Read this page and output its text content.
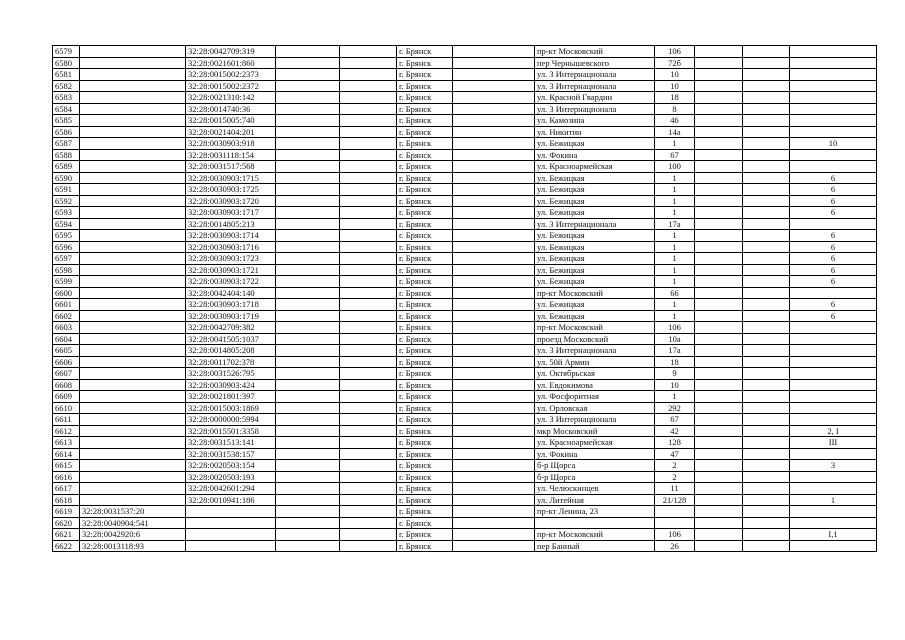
6579		32:28:0042709:319			г. Брянск		пр-кт Московский	106			
6580		32:28:0021601:860			г. Брянск		пер Чернышевского	72б			
6581		32:28:0015002:2373			г. Брянск		ул. 3 Интернационала	10			
6582		32:28:0015002:2372			г. Брянск		ул. 3 Интернационала	10			
6583		32:28:0021310:142			г. Брянск		ул. Красной Гвардии	18			
6584		32:28:0014740:36			г. Брянск		ул. 3 Интернационала	8			
6585		32:28:0015005:740			г. Брянск		ул. Камозина	46			
6586		32:28:0021404:201			г. Брянск		ул. Никитин	14а			
6587		32:28:0030903:918			г. Брянск		ул. Бежицкая	1			10
6588		32:28:0031118:154			г. Брянск		ул. Фокина	67			
6589		32:28:0031517:568			г. Брянск		ул. Красноармейская	100			
6590		32:28:0030903:1715			г. Брянск		ул. Бежицкая	1			6
6591		32:28:0030903:1725			г. Брянск		ул. Бежицкая	1			6
6592		32:28:0030903:1720			г. Брянск		ул. Бежицкая	1			6
6593		32:28:0030903:1717			г. Брянск		ул. Бежицкая	1			6
6594		32:28:0014805:213			г. Брянск		ул. 3 Интернационала	17а			
6595		32:28:0030903:1714			г. Брянск		ул. Бежицкая	1			6
6596		32:28:0030903:1716			г. Брянск		ул. Бежицкая	1			6
6597		32:28:0030903:1723			г. Брянск		ул. Бежицкая	1			6
6598		32:28:0030903:1721			г. Брянск		ул. Бежицкая	1			6
6599		32:28:0030903:1722			г. Брянск		ул. Бежицкая	1			6
6600		32:28:0042404:140			г. Брянск		пр-кт Московский	66			
6601		32:28:0030903:1718			г. Брянск		ул. Бежицкая	1			6
6602		32:28:0030903:1719			г. Брянск		ул. Бежицкая	1			6
6603		32:28:0042709:382			г. Брянск		пр-кт Московский	106			
6604		32:28:0041505:1037			г. Брянск		проезд Московский	10а			
6605		32:28:0014805:208			г. Брянск		ул. 3 Интернационала	17а			
6606		32:28:0011702:378			г. Брянск		ул. 50й Армии	18			
6607		32:28:0031526:795			г. Брянск		ул. Октябрьская	9			
6608		32:28:0030903:424			г. Брянск		ул. Евдокимова	10			
6609		32:28:0021801:397			г. Брянск		ул. Фосфоритная	1			
6610		32:28:0015003:1869			г. Брянск		ул. Орловская	292			
6611		32:28:0000000:5994			г. Брянск		ул. 3 Интернационала	67			
6612		32:28:0015501:3358			г. Брянск		мкр Московский	42			2, I
6613		32:28:0031513:141			г. Брянск		ул. Красноармейская	128			III
6614		32:28:0031538:157			г. Брянск		ул. Фокина	47			
6615		32:28:0020503:154			г. Брянск		б-р Щорса	2			3
6616		32:28:0020503:193			г. Брянск		б-р Щорса	2			
6617		32:28:0042601:294			г. Брянск		ул. Челюскинцев	11			
6618		32:28:0010941:186			г. Брянск		ул. Литейная	21/128			1
6619	32:28:0031537:20				г. Брянск		пр-кт Ленина, 23				
6620	32:28:0040904:541				г. Брянск						
6621	32:28:0042920:6				г. Брянск		пр-кт Московский	106			I,1
6622	32:28:0013118:93				г. Брянск		пер Банный	26			
